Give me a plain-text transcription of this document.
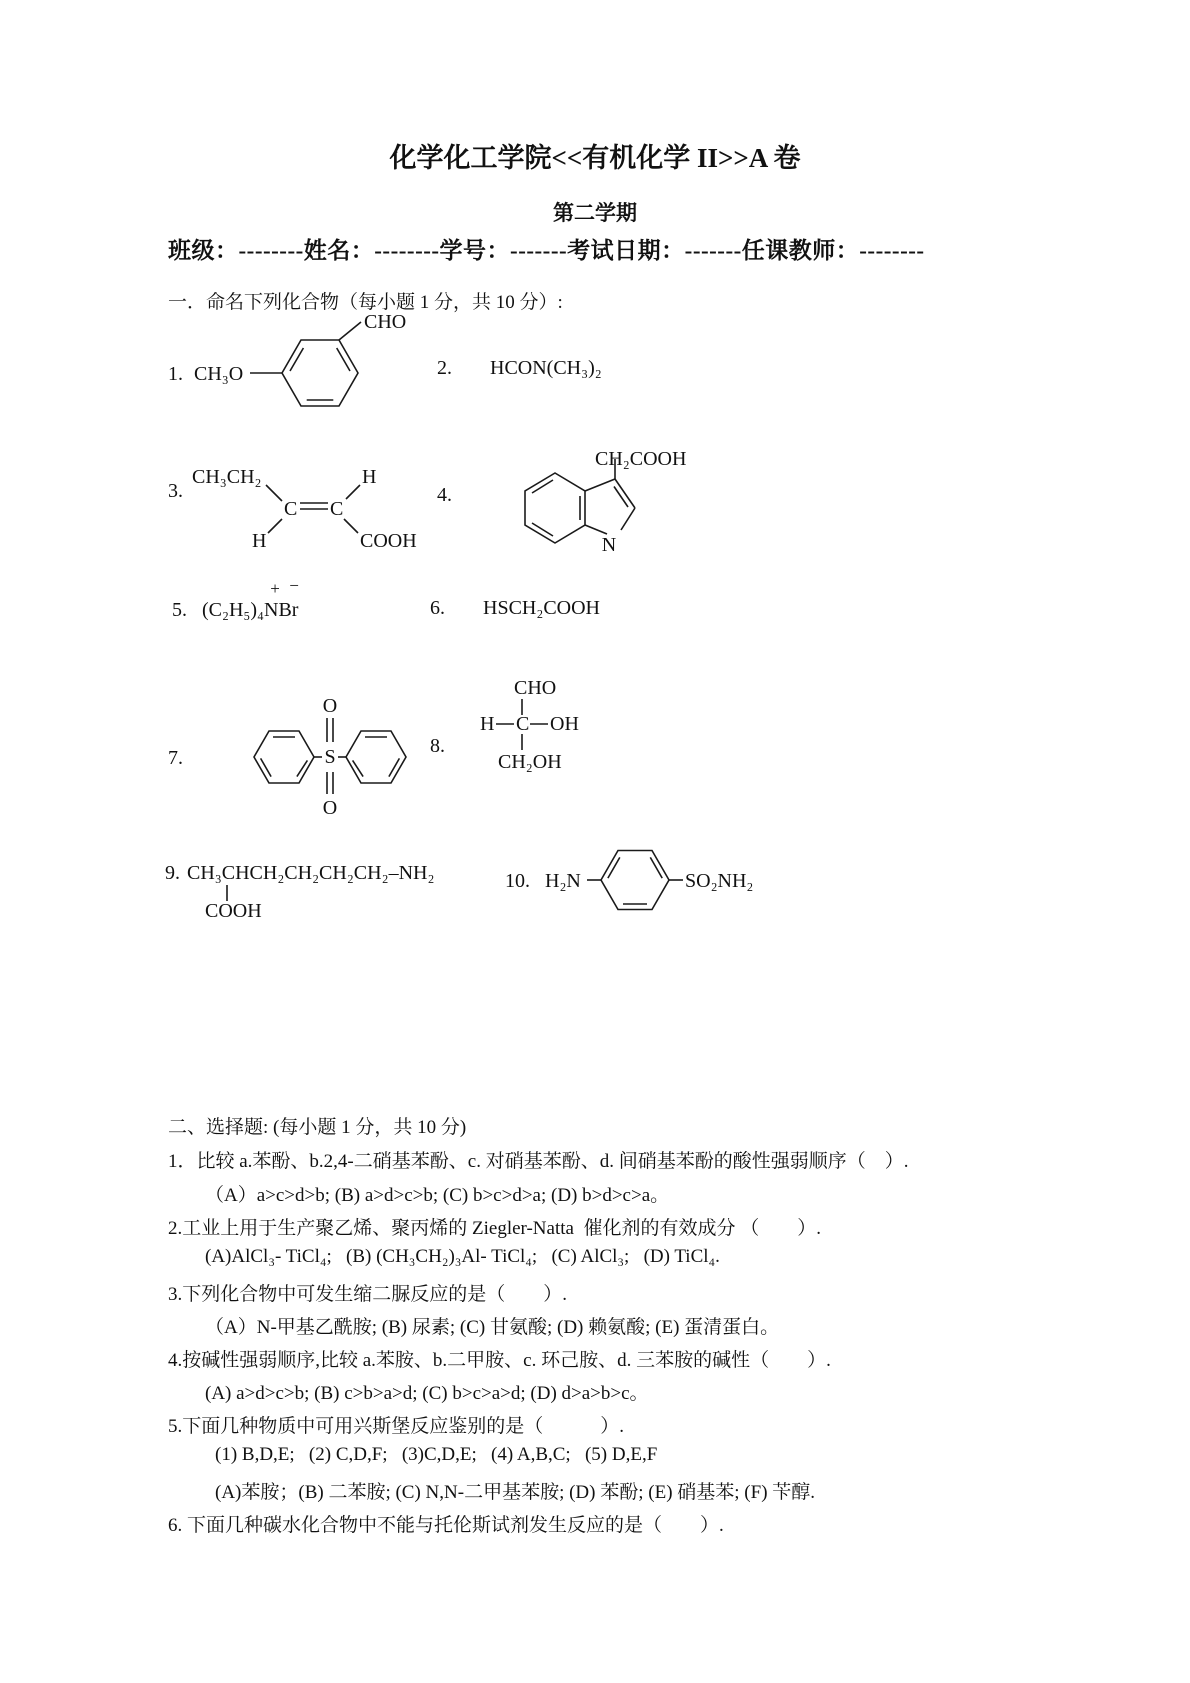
化学化工学院<<有机化学 II>>A 卷
第二学期
班级：--------姓名：--------学号：-------考试日期：-------任课教师：--------
一．命名下列化合物（每小题 1 分，共 10 分）:
1. CH₃O
CHO
2. HCON(CH₃)₂
3.
CH₃CH₂
C C
H
H	COOH
4.
CH₂COOH
N
5. (C₂H₅)₄NBr
+ −
6. HSCH₂COOH
7.	S
O
O
8.
CHO
H C OH
CH₂OH
9. CH₃CHCH₂CH₂CH₂CH₂–NH₂
COOH
10. H₂N	SO₂NH₂
二、选择题: (每小题 1 分，共 10 分)
1．比较 a.苯酚、b.2,4-二硝基苯酚、c. 对硝基苯酚、d. 间硝基苯酚的酸性强弱顺序（　）.
（A）a>c>d>b; (B) a>d>c>b; (C) b>c>d>a; (D) b>d>c>a。
2.工业上用于生产聚乙烯、聚丙烯的 Ziegler-Natta  催化剂的有效成分 （　　）.
(A)AlCl₃- TiCl₄;   (B) (CH₃CH₂)₃Al- TiCl₄;   (C) AlCl₃;   (D) TiCl₄.
3.下列化合物中可发生缩二脲反应的是（　　）.
（A）N-甲基乙酰胺; (B) 尿素; (C) 甘氨酸; (D) 赖氨酸; (E) 蛋清蛋白。
4.按碱性强弱顺序,比较 a.苯胺、b.二甲胺、c. 环己胺、d. 三苯胺的碱性（　　）.
(A) a>d>c>b; (B) c>b>a>d; (C) b>c>a>d; (D) d>a>b>c。
5.下面几种物质中可用兴斯堡反应鉴别的是（　　　）.
(1) B,D,E;   (2) C,D,F;   (3)C,D,E;   (4) A,B,C;   (5) D,E,F
(A)苯胺；(B) 二苯胺; (C) N,N-二甲基苯胺; (D) 苯酚; (E) 硝基苯; (F) 苄醇.
6. 下面几种碳水化合物中不能与托伦斯试剂发生反应的是（　　）.
